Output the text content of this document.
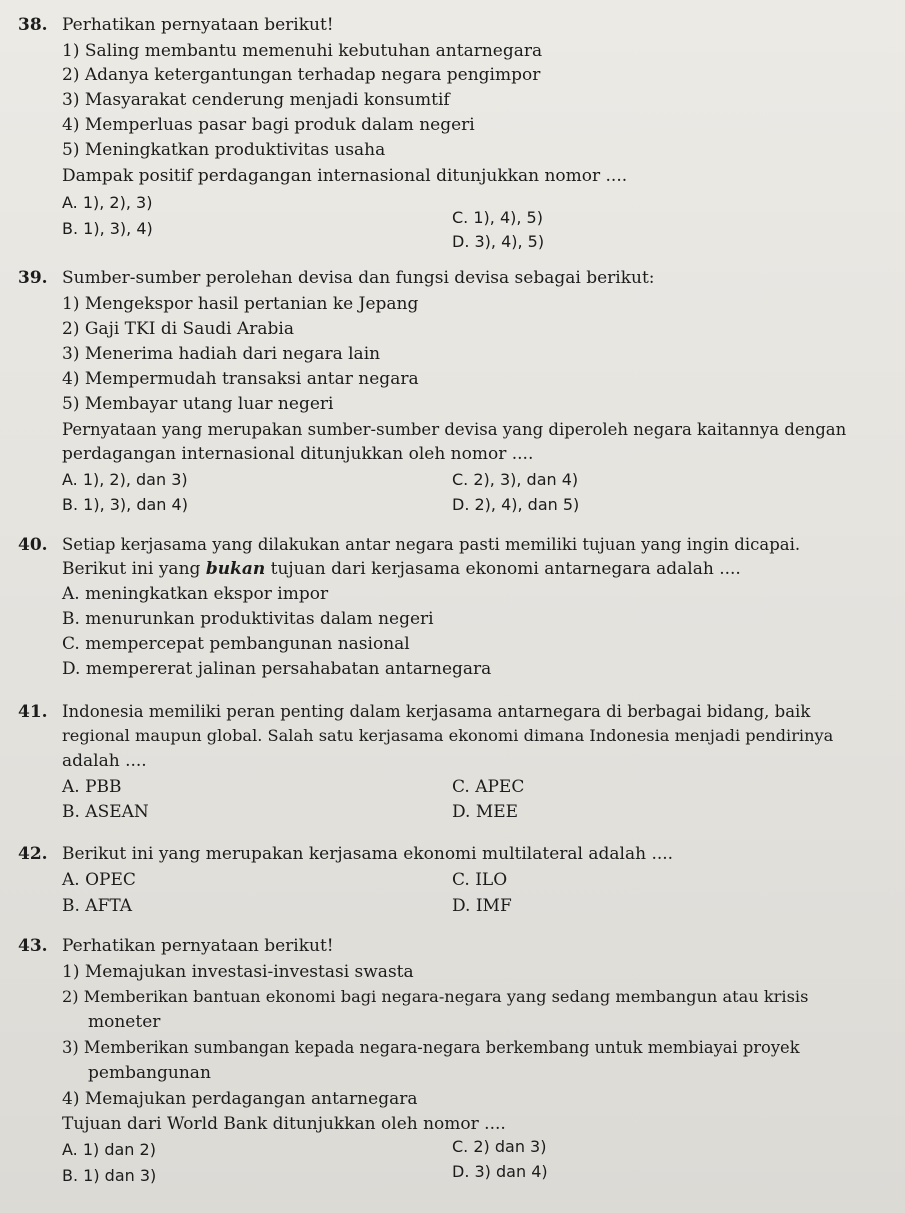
38. Perhatikan pernyataan berikut!
1) Saling membantu memenuhi kebutuhan antarnegara
2) Adanya ketergantungan terhadap negara pengimpor
3) Masyarakat cenderung menjadi konsumtif
4) Memperluas pasar bagi produk dalam negeri
5) Meningkatkan produktivitas usaha
Dampak positif perdagangan internasional ditunjukkan nomor ....
A. 1), 2), 3)
B. 1), 3), 4)
C. 1), 4), 5)
D. 3), 4), 5)
39. Sumber-sumber perolehan devisa dan fungsi devisa sebagai berikut:
1) Mengekspor hasil pertanian ke Jepang
2) Gaji TKI di Saudi Arabia
3) Menerima hadiah dari negara lain
4) Mempermudah transaksi antar negara
5) Membayar utang luar negeri
Pernyataan yang merupakan sumber-sumber devisa yang diperoleh negara kaitannya dengan
perdagangan internasional ditunjukkan oleh nomor ....
A. 1), 2), dan 3)
B. 1), 3), dan 4)
C. 2), 3), dan 4)
D. 2), 4), dan 5)
40. Setiap kerjasama yang dilakukan antar negara pasti memiliki tujuan yang ingin dicapai.
Berikut ini yang bukan tujuan dari kerjasama ekonomi antarnegara adalah ....
A. meningkatkan ekspor impor
B. menurunkan produktivitas dalam negeri
C. mempercepat pembangunan nasional
D. mempererat jalinan persahabatan antarnegara
41. Indonesia memiliki peran penting dalam kerjasama antarnegara di berbagai bidang, baik
regional maupun global. Salah satu kerjasama ekonomi dimana Indonesia menjadi pendirinya
adalah ....
A. PBB
B. ASEAN
C. APEC
D. MEE
42. Berikut ini yang merupakan kerjasama ekonomi multilateral adalah ....
A. OPEC
B. AFTA
C. ILO
D. IMF
43. Perhatikan pernyataan berikut!
1) Memajukan investasi-investasi swasta
2) Memberikan bantuan ekonomi bagi negara-negara yang sedang membangun atau krisis
moneter
3) Memberikan sumbangan kepada negara-negara berkembang untuk membiayai proyek
pembangunan
4) Memajukan perdagangan antarnegara
Tujuan dari World Bank ditunjukkan oleh nomor ....
A. 1) dan 2)
B. 1) dan 3)
C. 2) dan 3)
D. 3) dan 4)
